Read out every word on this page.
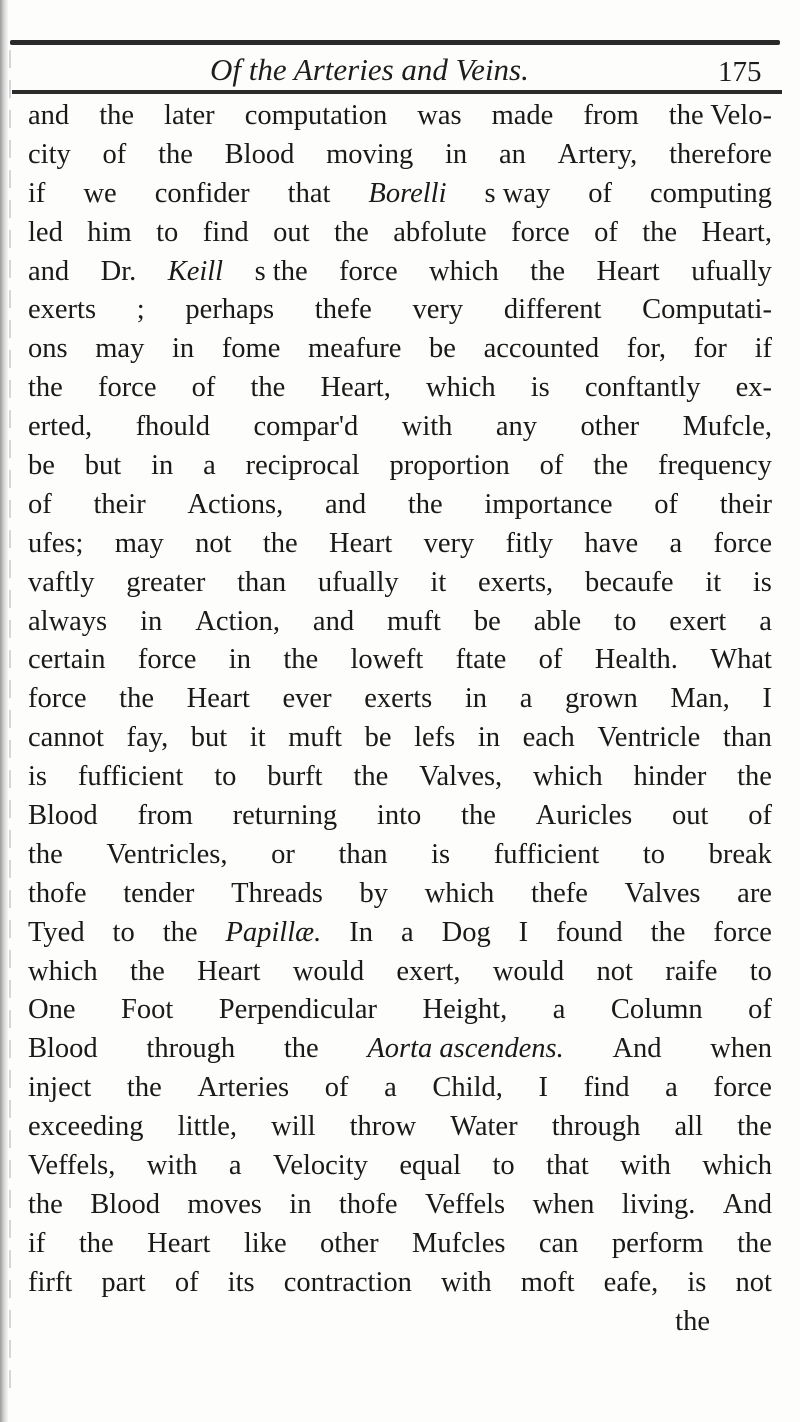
Of the Arteries and Veins.	175
and the later computation was made from the Velo-
city of the Blood moving in an Artery, therefore
if we confider that Borelli s way of computing
led him to find out the abfolute force of the Heart,
and Dr. Keill s the force which the Heart ufually
exerts ; perhaps thefe very different Computati-
ons may in fome meafure be accounted for, for if
the force of the Heart, which is conftantly ex-
erted, fhould compar'd with any other Mufcle,
be but in a reciprocal proportion of the frequency
of their Actions, and the importance of their
ufes; may not the Heart very fitly have a force
vaftly greater than ufually it exerts, becaufe it is
always in Action, and muft be able to exert a
certain force in the loweft ftate of Health. What
force the Heart ever exerts in a grown Man, I
cannot fay, but it muft be lefs in each Ventricle than
is fufficient to burft the Valves, which hinder the
Blood from returning into the Auricles out of
the Ventricles, or than is fufficient to break
thofe tender Threads by which thefe Valves are
Tyed to the Papillæ. In a Dog I found the force
which the Heart would exert, would not raife to
One Foot Perpendicular Height, a Column of
Blood through the Aorta ascendens. And when
inject the Arteries of a Child, I find a force
exceeding little, will throw Water through all the
Veffels, with a Velocity equal to that with which
the Blood moves in thofe Veffels when living. And
if the Heart like other Mufcles can perform the
firft part of its contraction with moft eafe, is not
the
